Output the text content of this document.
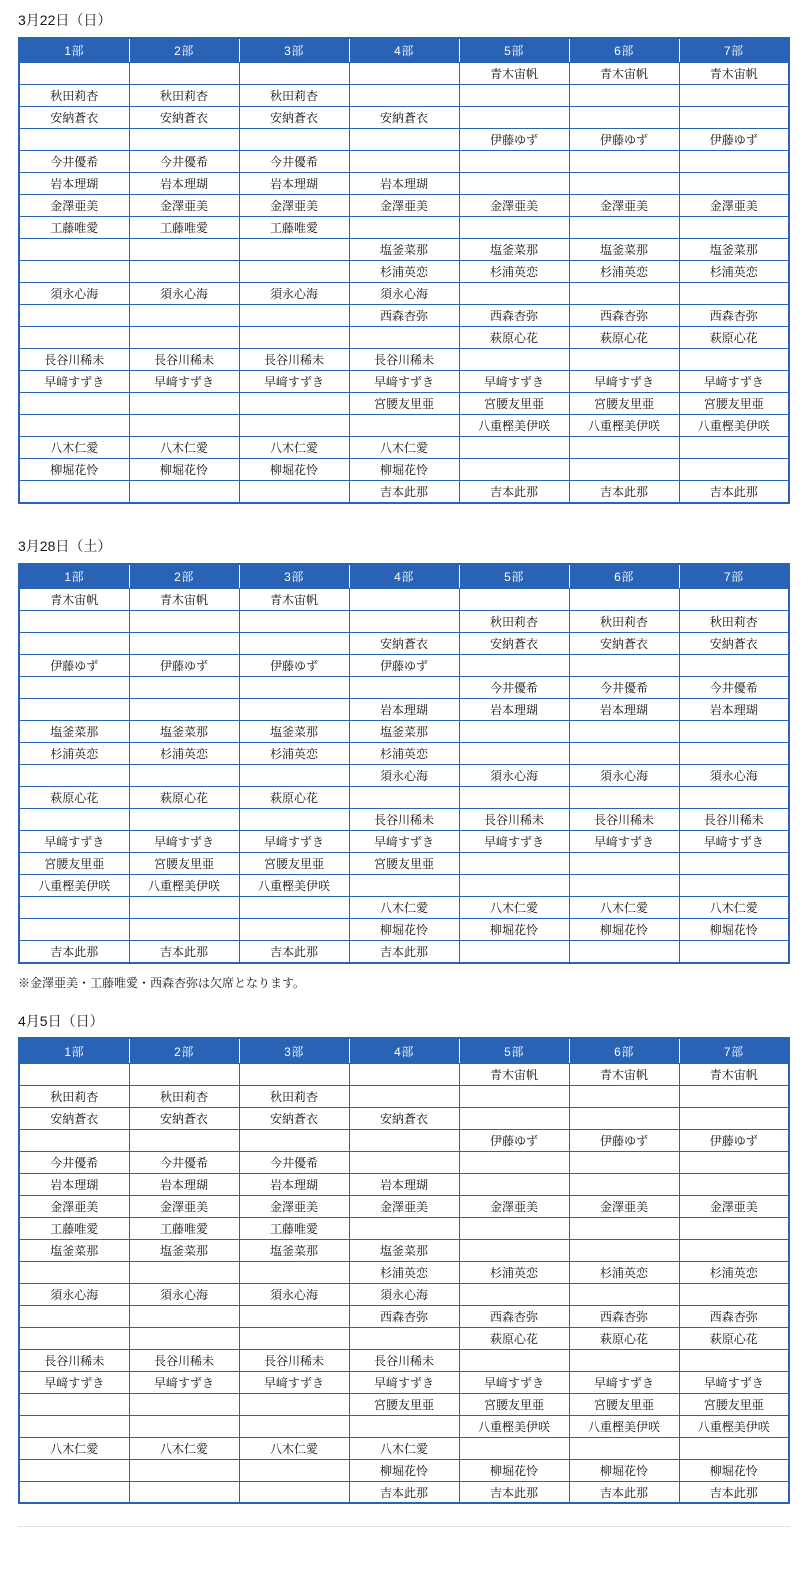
3月22日（日）
1部	2部	3部	4部	5部	6部	7部
				青木宙帆	青木宙帆	青木宙帆
秋田莉杏	秋田莉杏	秋田莉杏				
安納蒼衣	安納蒼衣	安納蒼衣	安納蒼衣			
				伊藤ゆず	伊藤ゆず	伊藤ゆず
今井優希	今井優希	今井優希				
岩本理瑚	岩本理瑚	岩本理瑚	岩本理瑚			
金澤亜美	金澤亜美	金澤亜美	金澤亜美	金澤亜美	金澤亜美	金澤亜美
工藤唯愛	工藤唯愛	工藤唯愛				
			塩釜菜那	塩釜菜那	塩釜菜那	塩釜菜那
			杉浦英恋	杉浦英恋	杉浦英恋	杉浦英恋
須永心海	須永心海	須永心海	須永心海			
			西森杏弥	西森杏弥	西森杏弥	西森杏弥
				萩原心花	萩原心花	萩原心花
長谷川稀未	長谷川稀未	長谷川稀未	長谷川稀未			
早﨑すずき	早﨑すずき	早﨑すずき	早﨑すずき	早﨑すずき	早﨑すずき	早﨑すずき
			宮腰友里亜	宮腰友里亜	宮腰友里亜	宮腰友里亜
				八重樫美伊咲	八重樫美伊咲	八重樫美伊咲
八木仁愛	八木仁愛	八木仁愛	八木仁愛			
柳堀花怜	柳堀花怜	柳堀花怜	柳堀花怜			
			吉本此那	吉本此那	吉本此那	吉本此那
3月28日（土）
1部	2部	3部	4部	5部	6部	7部
青木宙帆	青木宙帆	青木宙帆				
				秋田莉杏	秋田莉杏	秋田莉杏
			安納蒼衣	安納蒼衣	安納蒼衣	安納蒼衣
伊藤ゆず	伊藤ゆず	伊藤ゆず	伊藤ゆず			
				今井優希	今井優希	今井優希
			岩本理瑚	岩本理瑚	岩本理瑚	岩本理瑚
塩釜菜那	塩釜菜那	塩釜菜那	塩釜菜那			
杉浦英恋	杉浦英恋	杉浦英恋	杉浦英恋			
			須永心海	須永心海	須永心海	須永心海
萩原心花	萩原心花	萩原心花				
			長谷川稀未	長谷川稀未	長谷川稀未	長谷川稀未
早﨑すずき	早﨑すずき	早﨑すずき	早﨑すずき	早﨑すずき	早﨑すずき	早﨑すずき
宮腰友里亜	宮腰友里亜	宮腰友里亜	宮腰友里亜			
八重樫美伊咲	八重樫美伊咲	八重樫美伊咲				
			八木仁愛	八木仁愛	八木仁愛	八木仁愛
			柳堀花怜	柳堀花怜	柳堀花怜	柳堀花怜
吉本此那	吉本此那	吉本此那	吉本此那			
※金澤亜美・工藤唯愛・西森杏弥は欠席となります。
4月5日（日）
1部	2部	3部	4部	5部	6部	7部
				青木宙帆	青木宙帆	青木宙帆
秋田莉杏	秋田莉杏	秋田莉杏				
安納蒼衣	安納蒼衣	安納蒼衣	安納蒼衣			
				伊藤ゆず	伊藤ゆず	伊藤ゆず
今井優希	今井優希	今井優希				
岩本理瑚	岩本理瑚	岩本理瑚	岩本理瑚			
金澤亜美	金澤亜美	金澤亜美	金澤亜美	金澤亜美	金澤亜美	金澤亜美
工藤唯愛	工藤唯愛	工藤唯愛				
塩釜菜那	塩釜菜那	塩釜菜那	塩釜菜那			
			杉浦英恋	杉浦英恋	杉浦英恋	杉浦英恋
須永心海	須永心海	須永心海	須永心海			
			西森杏弥	西森杏弥	西森杏弥	西森杏弥
				萩原心花	萩原心花	萩原心花
長谷川稀未	長谷川稀未	長谷川稀未	長谷川稀未			
早﨑すずき	早﨑すずき	早﨑すずき	早﨑すずき	早﨑すずき	早﨑すずき	早﨑すずき
			宮腰友里亜	宮腰友里亜	宮腰友里亜	宮腰友里亜
				八重樫美伊咲	八重樫美伊咲	八重樫美伊咲
八木仁愛	八木仁愛	八木仁愛	八木仁愛			
			柳堀花怜	柳堀花怜	柳堀花怜	柳堀花怜
			吉本此那	吉本此那	吉本此那	吉本此那
